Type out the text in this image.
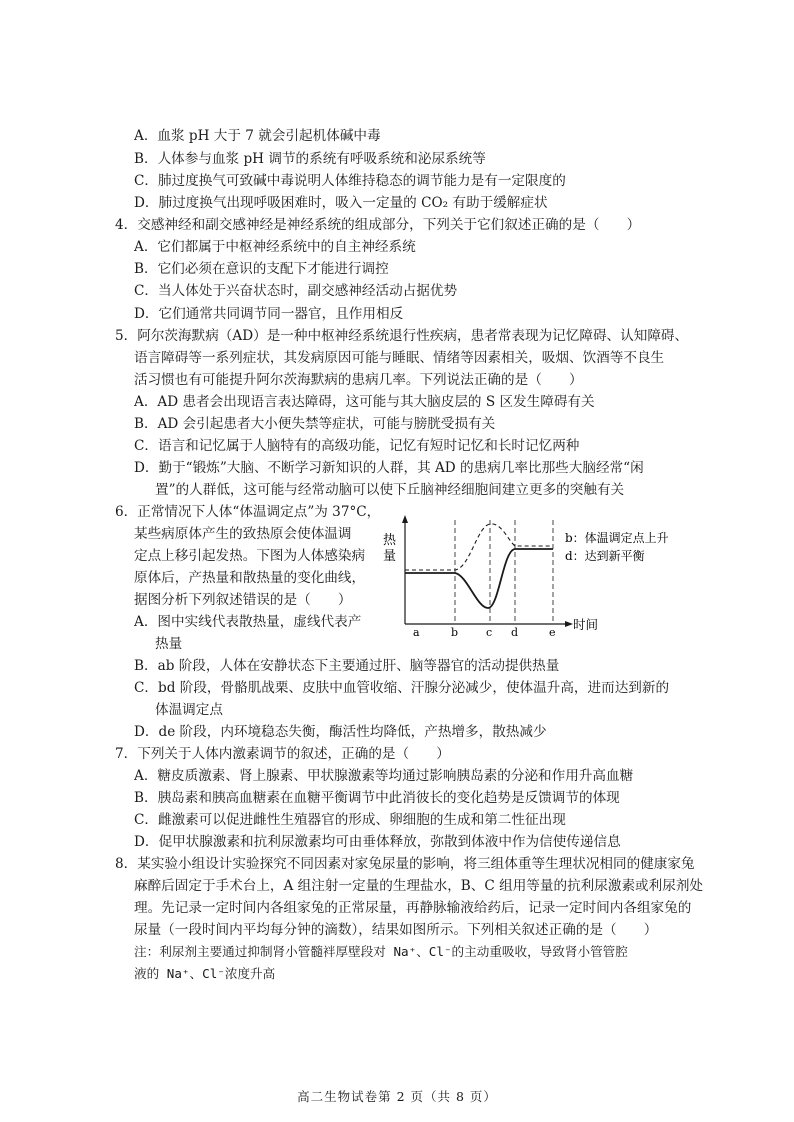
A．血浆 pH 大于 7 就会引起机体碱中毒
B．人体参与血浆 pH 调节的系统有呼吸系统和泌尿系统等
C．肺过度换气可致碱中毒说明人体维持稳态的调节能力是有一定限度的
D．肺过度换气出现呼吸困难时，吸入一定量的 CO₂ 有助于缓解症状
4．交感神经和副交感神经是神经系统的组成部分，下列关于它们叙述正确的是（　　）
A．它们都属于中枢神经系统中的自主神经系统
B．它们必须在意识的支配下才能进行调控
C．当人体处于兴奋状态时，副交感神经活动占据优势
D．它们通常共同调节同一器官，且作用相反
5．阿尔茨海默病（AD）是一种中枢神经系统退行性疾病，患者常表现为记忆障碍、认知障碍、
语言障碍等一系列症状，其发病原因可能与睡眠、情绪等因素相关，吸烟、饮酒等不良生
活习惯也有可能提升阿尔茨海默病的患病几率。下列说法正确的是（　　）
A．AD 患者会出现语言表达障碍，这可能与其大脑皮层的 S 区发生障碍有关
B．AD 会引起患者大小便失禁等症状，可能与膀胱受损有关
C．语言和记忆属于人脑特有的高级功能，记忆有短时记忆和长时记忆两种
D．勤于“锻炼”大脑、不断学习新知识的人群，其 AD 的患病几率比那些大脑经常“闲
置”的人群低，这可能与经常动脑可以使下丘脑神经细胞间建立更多的突触有关
6．正常情况下人体“体温调定点”为 37°C，
某些病原体产生的致热原会使体温调
定点上移引起发热。下图为人体感染病
原体后，产热量和散热量的变化曲线，
据图分析下列叙述错误的是（　　）
A．图中实线代表散热量，虚线代表产
热量
B．ab 阶段，人体在安静状态下主要通过肝、脑等器官的活动提供热量
C．bd 阶段，骨骼肌战栗、皮肤中血管收缩、汗腺分泌减少，使体温升高，进而达到新的
体温调定点
D．de 阶段，内环境稳态失衡，酶活性均降低，产热增多，散热减少
热
量
a	b	c d	e
时间
b：体温调定点上升
d：达到新平衡
7．下列关于人体内激素调节的叙述，正确的是（　　）
A．糖皮质激素、肾上腺素、甲状腺激素等均通过影响胰岛素的分泌和作用升高血糖
B．胰岛素和胰高血糖素在血糖平衡调节中此消彼长的变化趋势是反馈调节的体现
C．雌激素可以促进雌性生殖器官的形成、卵细胞的生成和第二性征出现
D．促甲状腺激素和抗利尿激素均可由垂体释放，弥散到体液中作为信使传递信息
8．某实验小组设计实验探究不同因素对家兔尿量的影响，将三组体重等生理状况相同的健康家兔
麻醉后固定于手术台上，A 组注射一定量的生理盐水，B、C 组用等量的抗利尿激素或利尿剂处
理。先记录一定时间内各组家兔的正常尿量，再静脉输液给药后，记录一定时间内各组家兔的
尿量（一段时间内平均每分钟的滴数），结果如图所示。下列相关叙述正确的是（　　）
注：利尿剂主要通过抑制肾小管髓袢厚壁段对 Na⁺、Cl⁻的主动重吸收，导致肾小管管腔
液的 Na⁺、Cl⁻浓度升高
高二生物试卷第 2 页（共 8 页）
